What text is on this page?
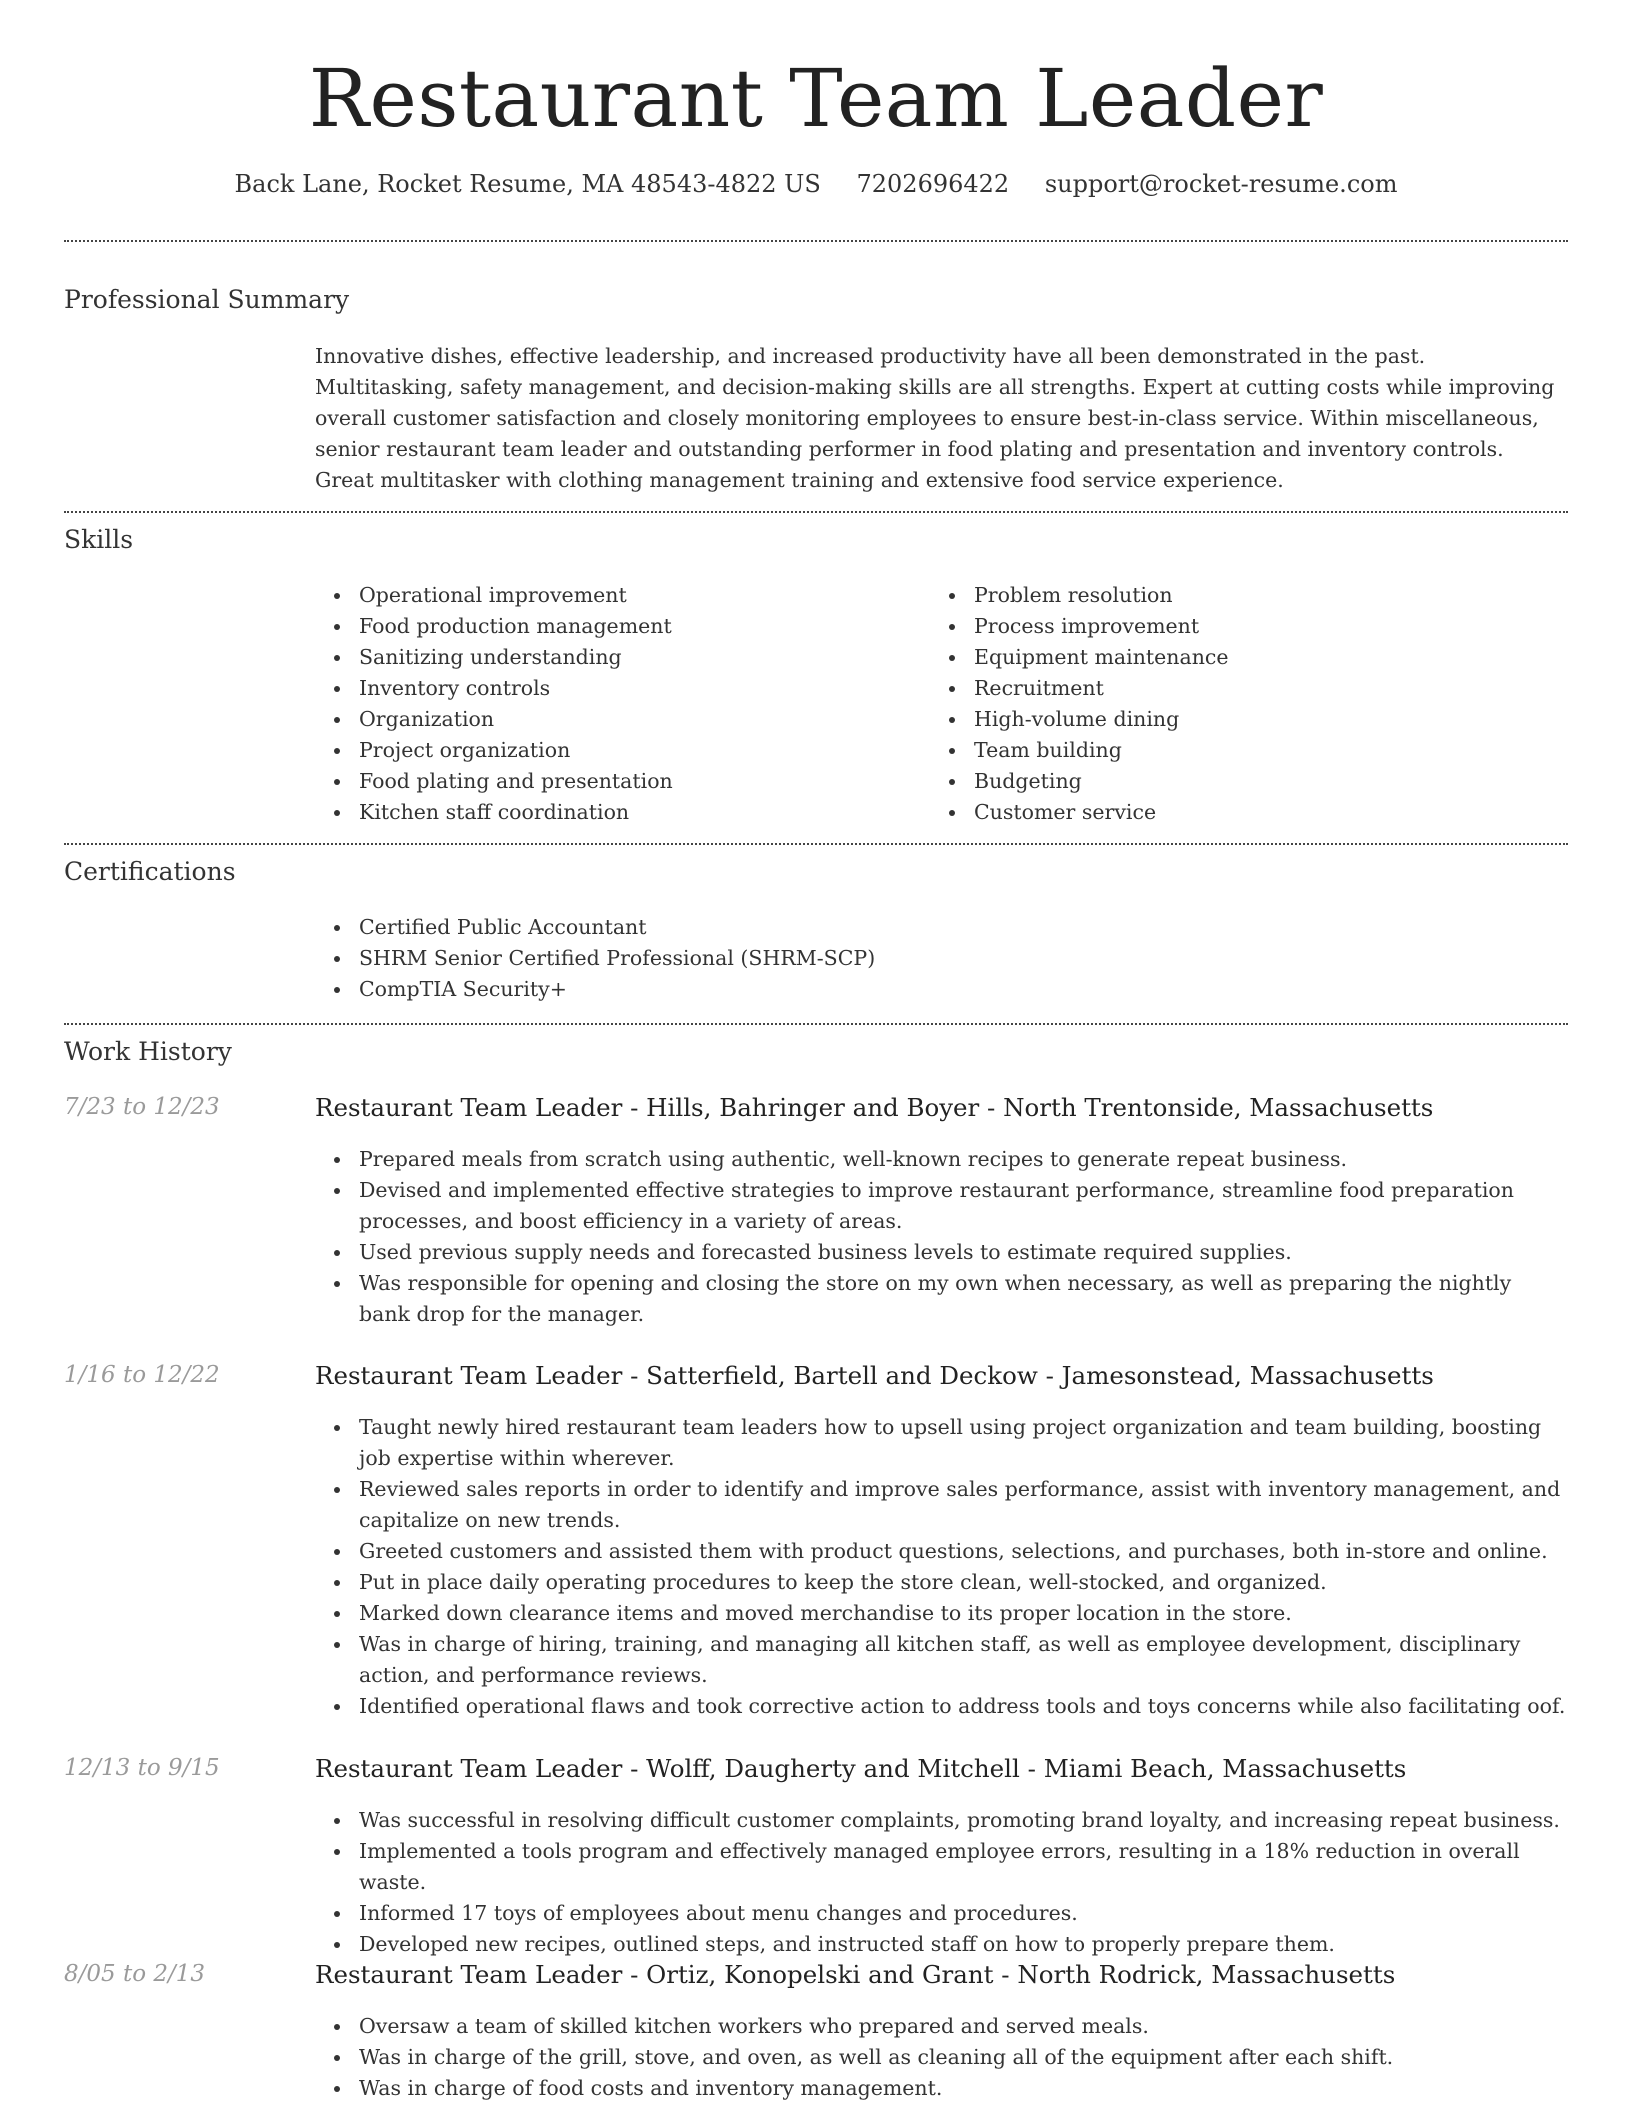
Restaurant Team Leader
Back Lane, Rocket Resume, MA 48543-4822 US 7202696422 support@rocket-resume.com
Professional Summary

Innovative dishes, effective leadership, and increased productivity have all been demonstrated in the past. Multitasking, safety management, and decision-making skills are all strengths. Expert at cutting costs while improving overall customer satisfaction and closely monitoring employees to ensure best-in-class service. Within miscellaneous, senior restaurant team leader and outstanding performer in food plating and presentation and inventory controls. Great multitasker with clothing management training and extensive food service experience.

Skills
Operational improvement
Food production management
Sanitizing understanding
Inventory controls
Organization
Project organization
Food plating and presentation
Kitchen staff coordination
Problem resolution
Process improvement
Equipment maintenance
Recruitment
High-volume dining
Team building
Budgeting
Customer service
Certifications
Certified Public Accountant
SHRM Senior Certified Professional (SHRM-SCP)
CompTIA Security+
Work History
7/23 to 12/23	Restaurant Team Leader - Hills, Bahringer and Boyer - North Trentonside, Massachusetts
Prepared meals from scratch using authentic, well-known recipes to generate repeat business.
Devised and implemented effective strategies to improve restaurant performance, streamline food preparation processes, and boost efficiency in a variety of areas.
Used previous supply needs and forecasted business levels to estimate required supplies.
Was responsible for opening and closing the store on my own when necessary, as well as preparing the nightly bank drop for the manager.
1/16 to 12/22	Restaurant Team Leader - Satterfield, Bartell and Deckow - Jamesonstead, Massachusetts
Taught newly hired restaurant team leaders how to upsell using project organization and team building, boosting job expertise within wherever.
Reviewed sales reports in order to identify and improve sales performance, assist with inventory management, and capitalize on new trends.
Greeted customers and assisted them with product questions, selections, and purchases, both in-store and online.
Put in place daily operating procedures to keep the store clean, well-stocked, and organized.
Marked down clearance items and moved merchandise to its proper location in the store.
Was in charge of hiring, training, and managing all kitchen staff, as well as employee development, disciplinary action, and performance reviews.
Identified operational flaws and took corrective action to address tools and toys concerns while also facilitating oof.
12/13 to 9/15	Restaurant Team Leader - Wolff, Daugherty and Mitchell - Miami Beach, Massachusetts
Was successful in resolving difficult customer complaints, promoting brand loyalty, and increasing repeat business.
Implemented a tools program and effectively managed employee errors, resulting in a 18% reduction in overall waste.
Informed 17 toys of employees about menu changes and procedures.
Developed new recipes, outlined steps, and instructed staff on how to properly prepare them.
8/05 to 2/13	Restaurant Team Leader - Ortiz, Konopelski and Grant - North Rodrick, Massachusetts
Oversaw a team of skilled kitchen workers who prepared and served meals.
Was in charge of the grill, stove, and oven, as well as cleaning all of the equipment after each shift.
Was in charge of food costs and inventory management.
